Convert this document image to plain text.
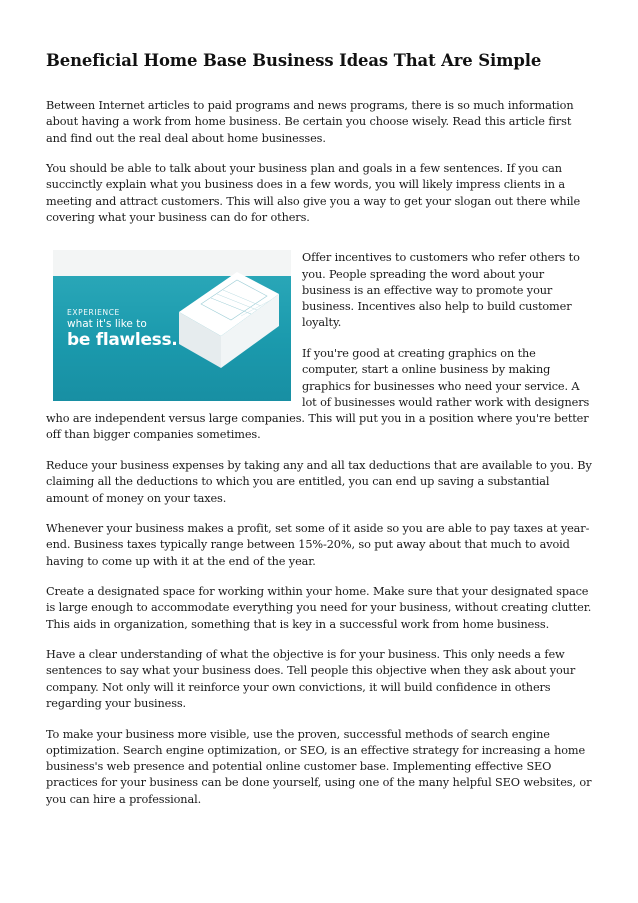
Beneficial Home Base Business Ideas That Are Simple

Between Internet articles to paid programs and news programs, there is so much information about having a work from home business. Be certain you choose wisely. Read this article first and find out the real deal about home businesses.

You should be able to talk about your business plan and goals in a few sentences. If you can succinctly explain what you business does in a few words, you will likely impress clients in a meeting and attract customers. This will also give you a way to get your slogan out there while covering what your business can do for others.

EXPERIENCE
what it's like to
be flawless.

Offer incentives to customers who refer others to you. People spreading the word about your business is an effective way to promote your business. Incentives also help to build customer loyalty.

If you're good at creating graphics on the computer, start a online business by making graphics for businesses who need your service. A lot of businesses would rather work with designers who are independent versus large companies. This will put you in a position where you're better off than bigger companies sometimes.

Reduce your business expenses by taking any and all tax deductions that are available to you. By claiming all the deductions to which you are entitled, you can end up saving a substantial amount of money on your taxes.

Whenever your business makes a profit, set some of it aside so you are able to pay taxes at year-end. Business taxes typically range between 15%-20%, so put away about that much to avoid having to come up with it at the end of the year.

Create a designated space for working within your home. Make sure that your designated space is large enough to accommodate everything you need for your business, without creating clutter. This aids in organization, something that is key in a successful work from home business.

Have a clear understanding of what the objective is for your business. This only needs a few sentences to say what your business does. Tell people this objective when they ask about your company. Not only will it reinforce your own convictions, it will build confidence in others regarding your business.

To make your business more visible, use the proven, successful methods of search engine optimization. Search engine optimization, or SEO, is an effective strategy for increasing a home business's web presence and potential online customer base. Implementing effective SEO practices for your business can be done yourself, using one of the many helpful SEO websites, or you can hire a professional.
